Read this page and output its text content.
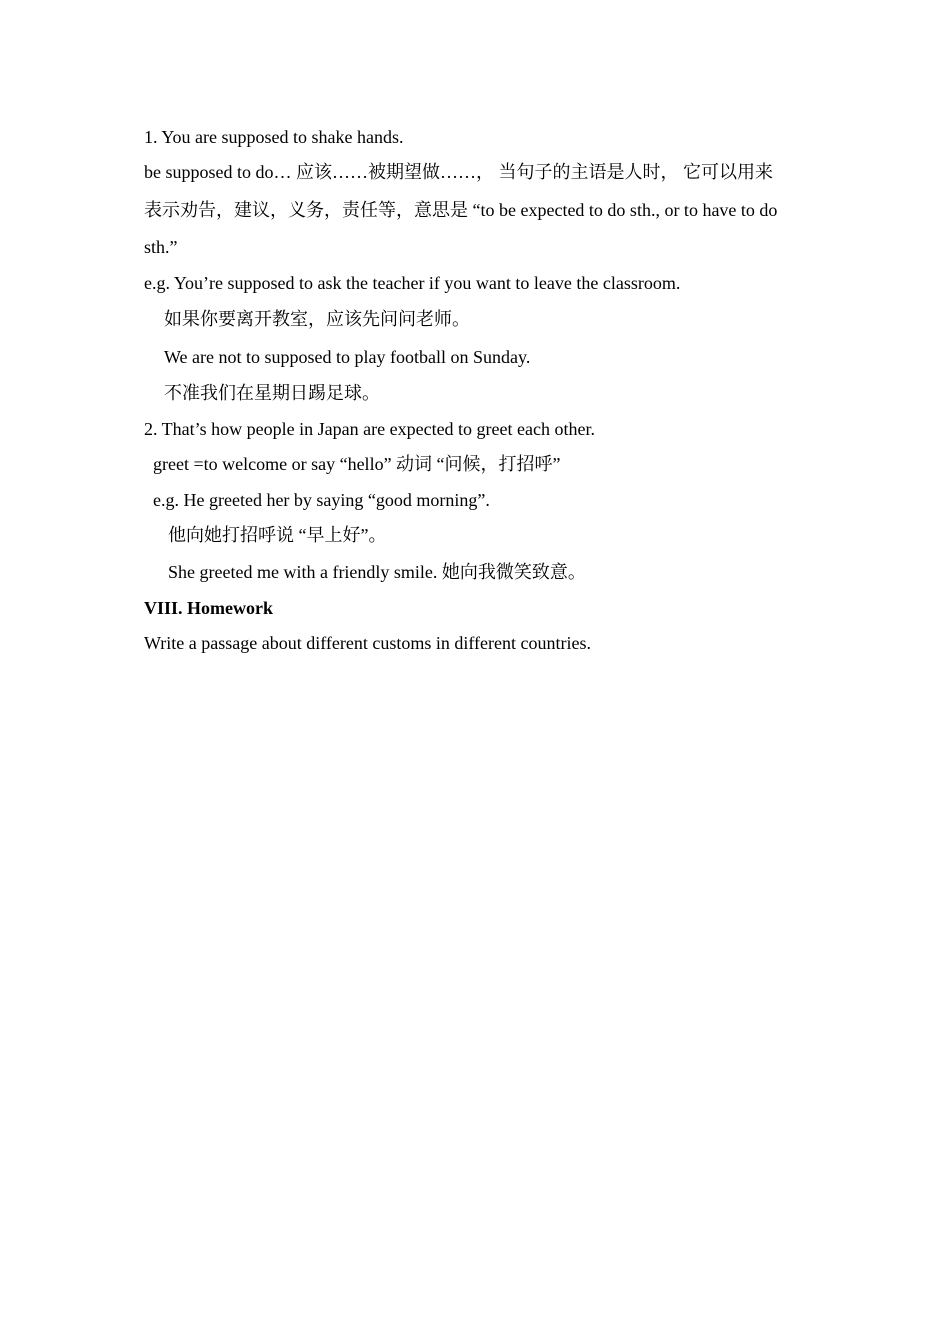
1. You are supposed to shake hands.
be supposed to do… 应该……被期望做……， 当句子的主语是人时， 它可以用来
表示劝告，建议，义务，责任等，意思是 “to be expected to do sth., or to have to do
sth.”
e.g. You’re supposed to ask the teacher if you want to leave the classroom.
如果你要离开教室，应该先问问老师。
We are not to supposed to play football on Sunday.
不准我们在星期日踢足球。
2. That’s how people in Japan are expected to greet each other.
greet =to welcome or say “hello” 动词 “问候，打招呼”
e.g. He greeted her by saying “good morning”.
他向她打招呼说 “早上好”。
She greeted me with a friendly smile. 她向我微笑致意。
VIII. Homework
Write a passage about different customs in different countries.
